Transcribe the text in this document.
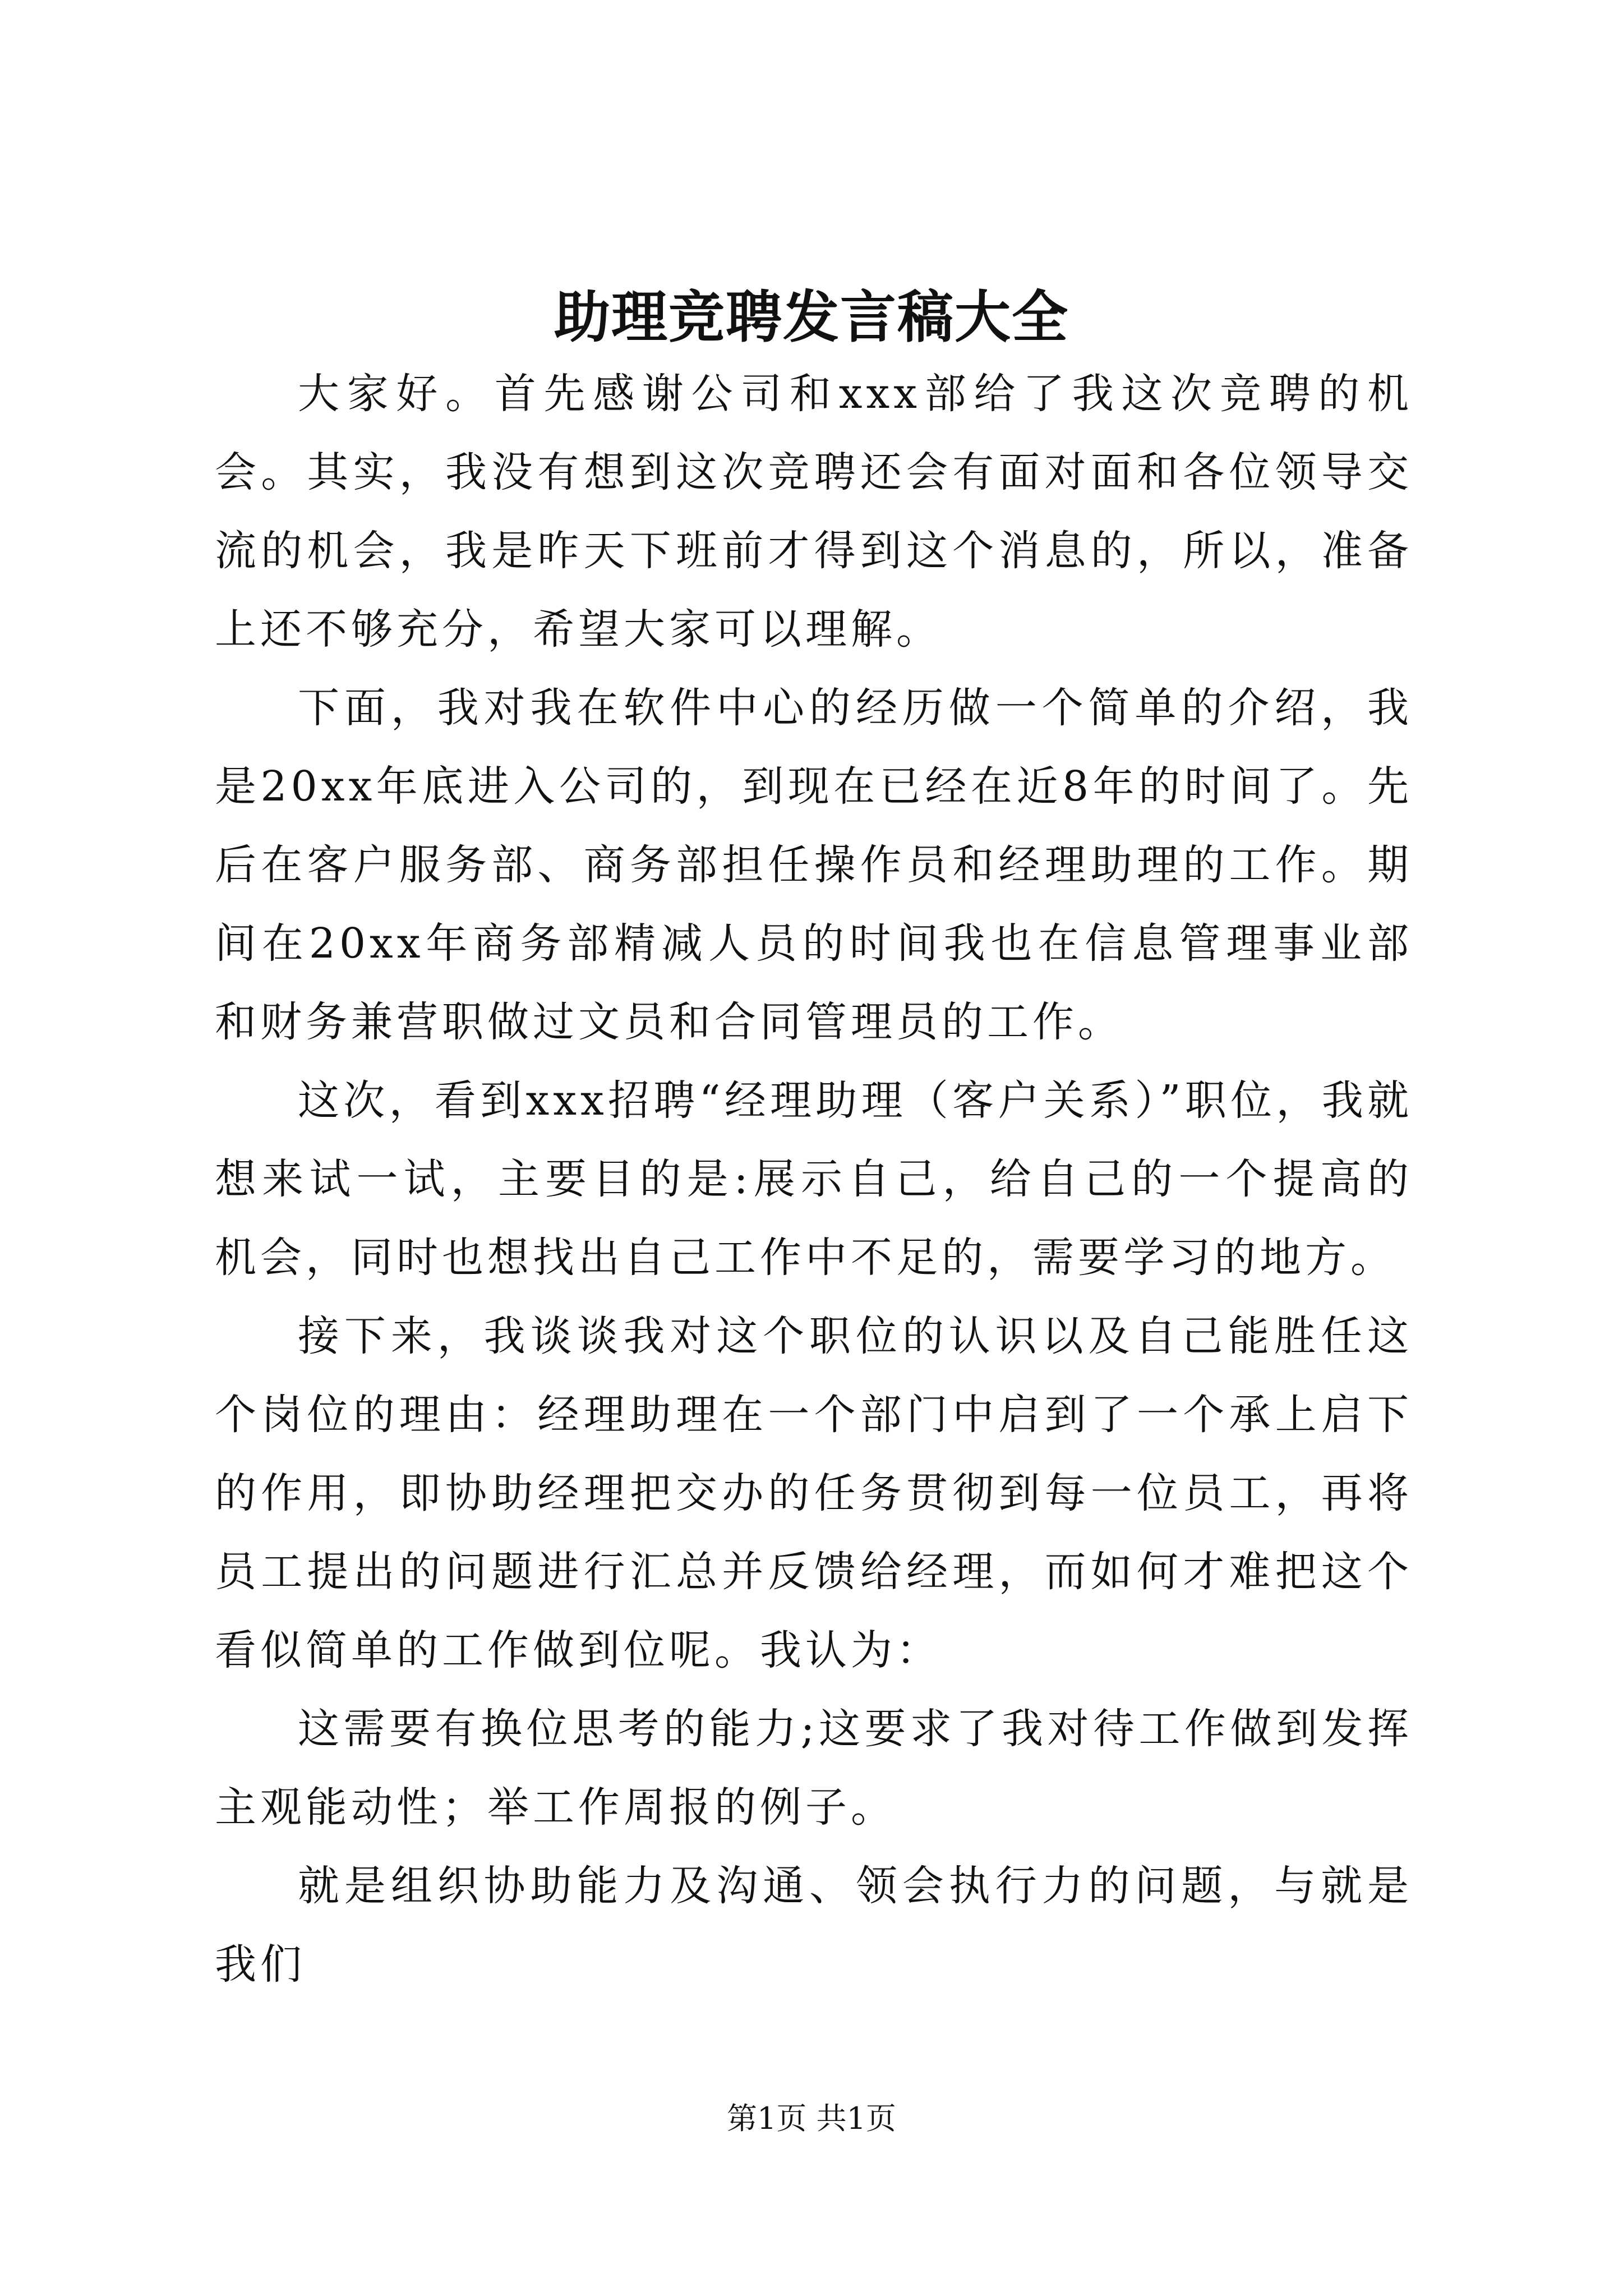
助理竞聘发言稿大全

大家好。首先感谢公司和xxx部给了我这次竞聘的机会。其实，我没有想到这次竞聘还会有面对面和各位领导交流的机会，我是昨天下班前才得到这个消息的，所以，准备上还不够充分，希望大家可以理解。

下面，我对我在软件中心的经历做一个简单的介绍，我是20xx年底进入公司的，到现在已经在近8年的时间了。先后在客户服务部、商务部担任操作员和经理助理的工作。期间在20xx年商务部精减人员的时间我也在信息管理事业部和财务兼营职做过文员和合同管理员的工作。

这次，看到xxx招聘“经理助理（客户关系）”职位，我就想来试一试，主要目的是:展示自己，给自己的一个提高的机会，同时也想找出自己工作中不足的，需要学习的地方。

接下来，我谈谈我对这个职位的认识以及自己能胜任这个岗位的理由：经理助理在一个部门中启到了一个承上启下的作用，即协助经理把交办的任务贯彻到每一位员工，再将员工提出的问题进行汇总并反馈给经理，而如何才难把这个看似简单的工作做到位呢。我认为：

这需要有换位思考的能力;这要求了我对待工作做到发挥主观能动性；举工作周报的例子。

就是组织协助能力及沟通、领会执行力的问题，与就是我们

第1页 共1页
